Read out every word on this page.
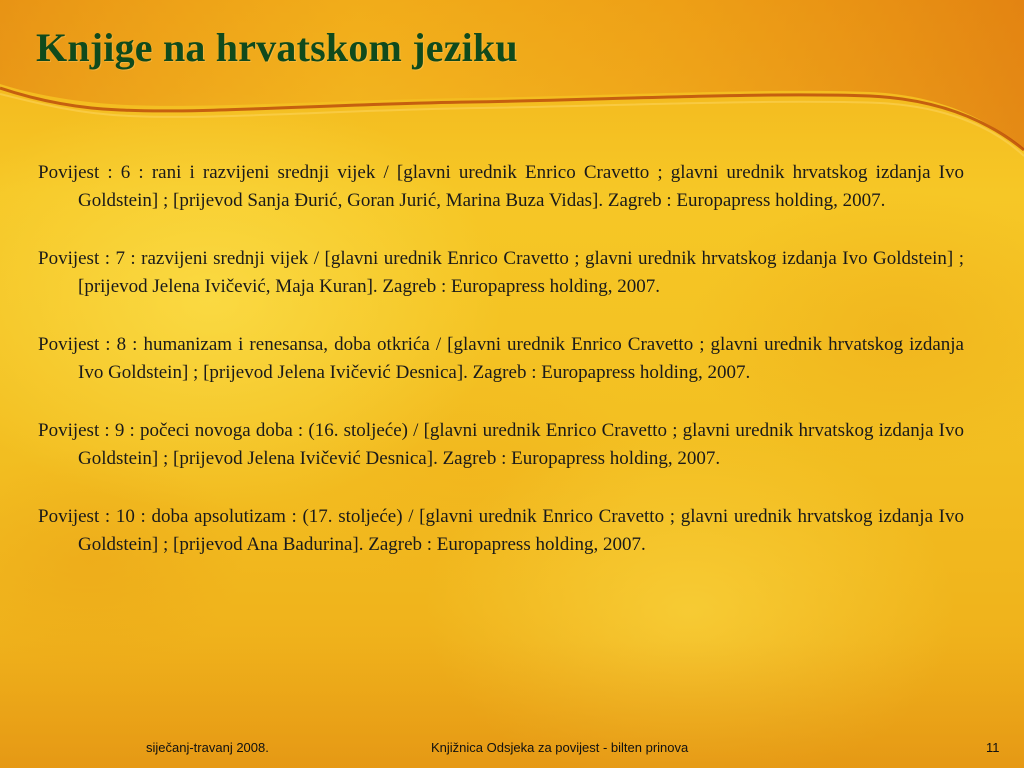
Knjige na hrvatskom jeziku

Povijest : 6 : rani i razvijeni srednji vijek / [glavni urednik Enrico Cravetto ; glavni urednik hrvatskog izdanja Ivo Goldstein] ; [prijevod Sanja Đurić, Goran Jurić, Marina Buza Vidas]. Zagreb : Europapress holding, 2007.

Povijest : 7 : razvijeni srednji vijek / [glavni urednik Enrico Cravetto ; glavni urednik hrvatskog izdanja Ivo Goldstein] ; [prijevod Jelena Ivičević, Maja Kuran]. Zagreb : Europapress holding, 2007.

Povijest : 8 : humanizam i renesansa, doba otkrića / [glavni urednik Enrico Cravetto ; glavni urednik hrvatskog izdanja Ivo Goldstein] ; [prijevod Jelena Ivičević Desnica]. Zagreb : Europapress holding, 2007.

Povijest : 9 : počeci novoga doba : (16. stoljeće) / [glavni urednik Enrico Cravetto ; glavni urednik hrvatskog izdanja Ivo Goldstein] ; [prijevod Jelena Ivičević Desnica]. Zagreb : Europapress holding, 2007.

Povijest : 10 : doba apsolutizam : (17. stoljeće) / [glavni urednik Enrico Cravetto ; glavni urednik hrvatskog izdanja Ivo Goldstein] ; [prijevod Ana Badurina]. Zagreb : Europapress holding, 2007.

siječanj-travanj 2008.	Knjižnica Odsjeka za povijest - bilten prinova	11
